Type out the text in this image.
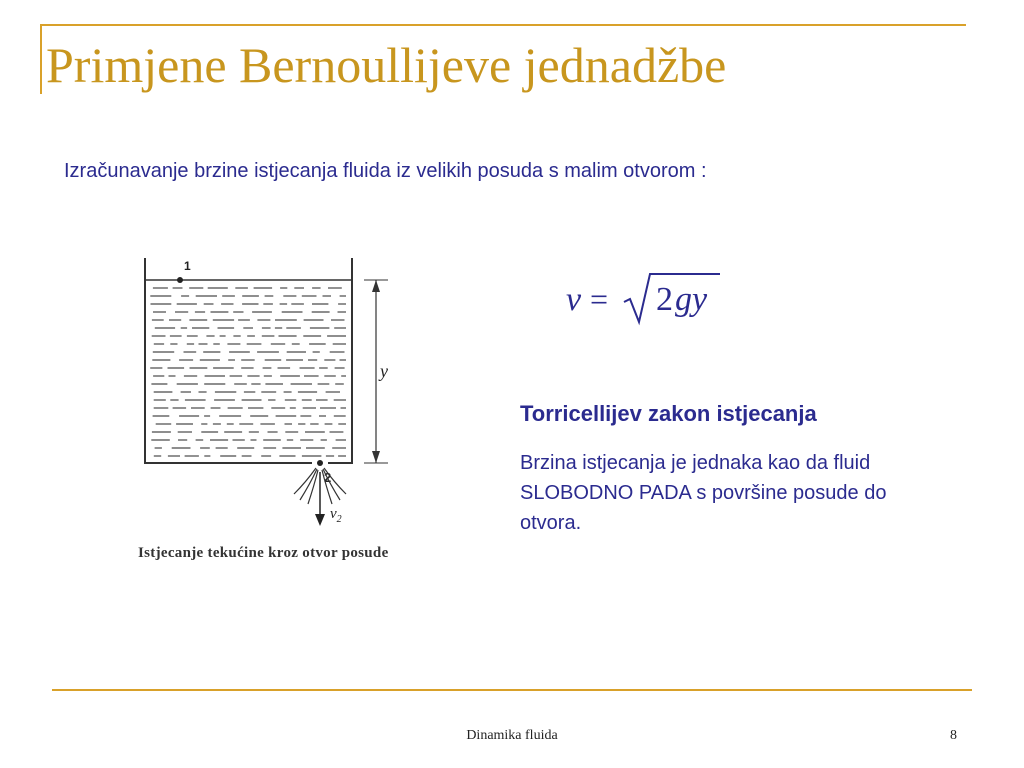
Primjene Bernoullijeve jednadžbe
Izračunavanje brzine istjecanja fluida iz velikih posuda s malim otvorom :
1
2
$v_2$
y
Istjecanje tekućine kroz otvor posude
v = 2 gy
Torricellijev zakon istjecanja
Brzina istjecanja je jednaka kao da fluid SLOBODNO PADA s površine posude do otvora.
Dinamika fluida	8
